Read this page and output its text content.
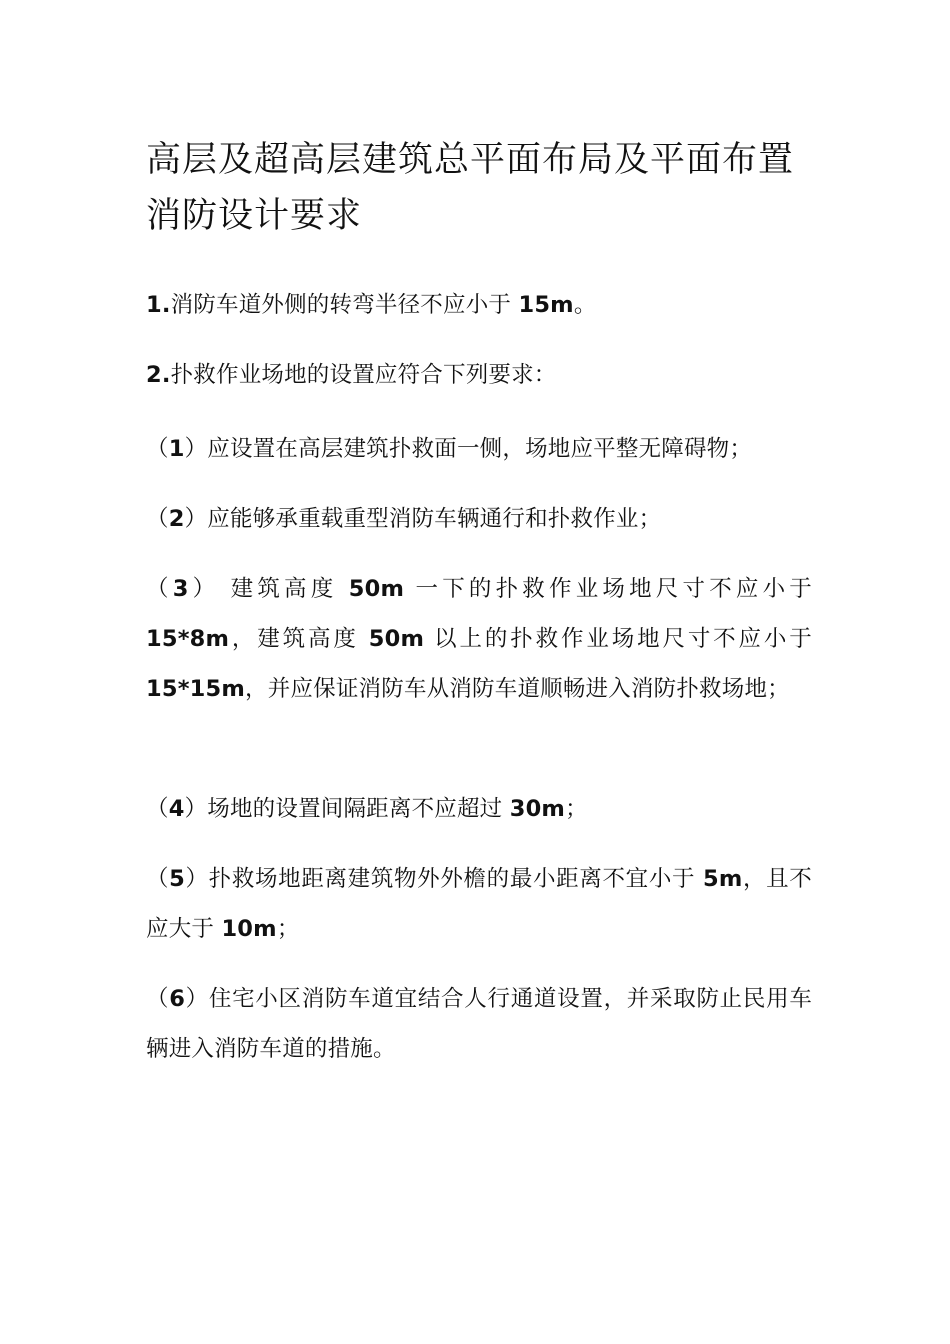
高层及超高层建筑总平面布局及平面布置
消防设计要求

1.消防车道外侧的转弯半径不应小于 15m。

2.扑救作业场地的设置应符合下列要求：

（1）应设置在高层建筑扑救面一侧，场地应平整无障碍物；

（2）应能够承重载重型消防车辆通行和扑救作业；

（3） 建筑高度 50m 一下的扑救作业场地尺寸不应小于 15*8m，建筑高度 50m 以上的扑救作业场地尺寸不应小于 15*15m，并应保证消防车从消防车道顺畅进入消防扑救场地；

（4）场地的设置间隔距离不应超过 30m；

（5）扑救场地距离建筑物外外檐的最小距离不宜小于 5m，且不应大于 10m；

（6）住宅小区消防车道宜结合人行通道设置，并采取防止民用车辆进入消防车道的措施。
